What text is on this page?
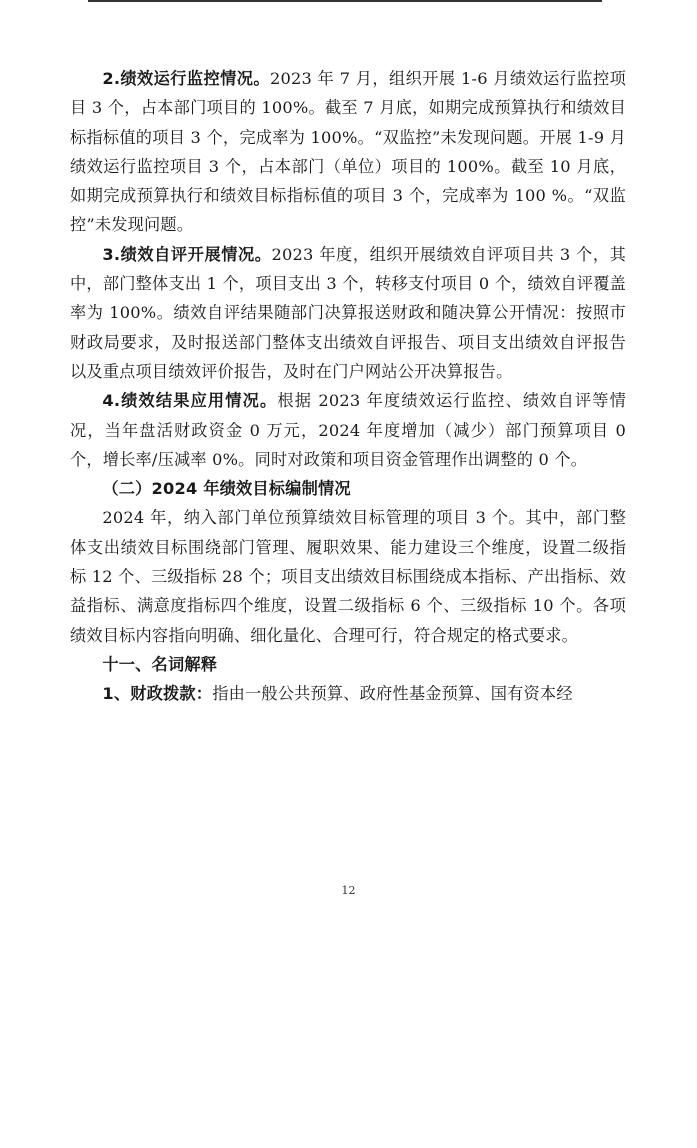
2.绩效运行监控情况。2023 年 7 月，组织开展 1-6 月绩效运行监控项目 3 个，占本部门项目的 100%。截至 7 月底，如期完成预算执行和绩效目标指标值的项目 3 个，完成率为 100%。“双监控”未发现问题。开展 1-9 月绩效运行监控项目 3 个，占本部门（单位）项目的 100%。截至 10 月底，如期完成预算执行和绩效目标指标值的项目 3 个，完成率为 100 %。“双监控”未发现问题。

3.绩效自评开展情况。2023 年度，组织开展绩效自评项目共 3 个，其中，部门整体支出 1 个，项目支出 3 个，转移支付项目 0 个，绩效自评覆盖率为 100%。绩效自评结果随部门决算报送财政和随决算公开情况：按照市财政局要求，及时报送部门整体支出绩效自评报告、项目支出绩效自评报告以及重点项目绩效评价报告，及时在门户网站公开决算报告。

4.绩效结果应用情况。根据 2023 年度绩效运行监控、绩效自评等情况，当年盘活财政资金 0 万元，2024 年度增加（减少）部门预算项目 0 个，增长率/压减率 0%。同时对政策和项目资金管理作出调整的 0 个。

（二）2024 年绩效目标编制情况

2024 年，纳入部门单位预算绩效目标管理的项目 3 个。其中，部门整体支出绩效目标围绕部门管理、履职效果、能力建设三个维度，设置二级指标 12 个、三级指标 28 个；项目支出绩效目标围绕成本指标、产出指标、效益指标、满意度指标四个维度，设置二级指标 6 个、三级指标 10 个。各项绩效目标内容指向明确、细化量化、合理可行，符合规定的格式要求。

十一、名词解释

1、财政拨款：指由一般公共预算、政府性基金预算、国有资本经

12
